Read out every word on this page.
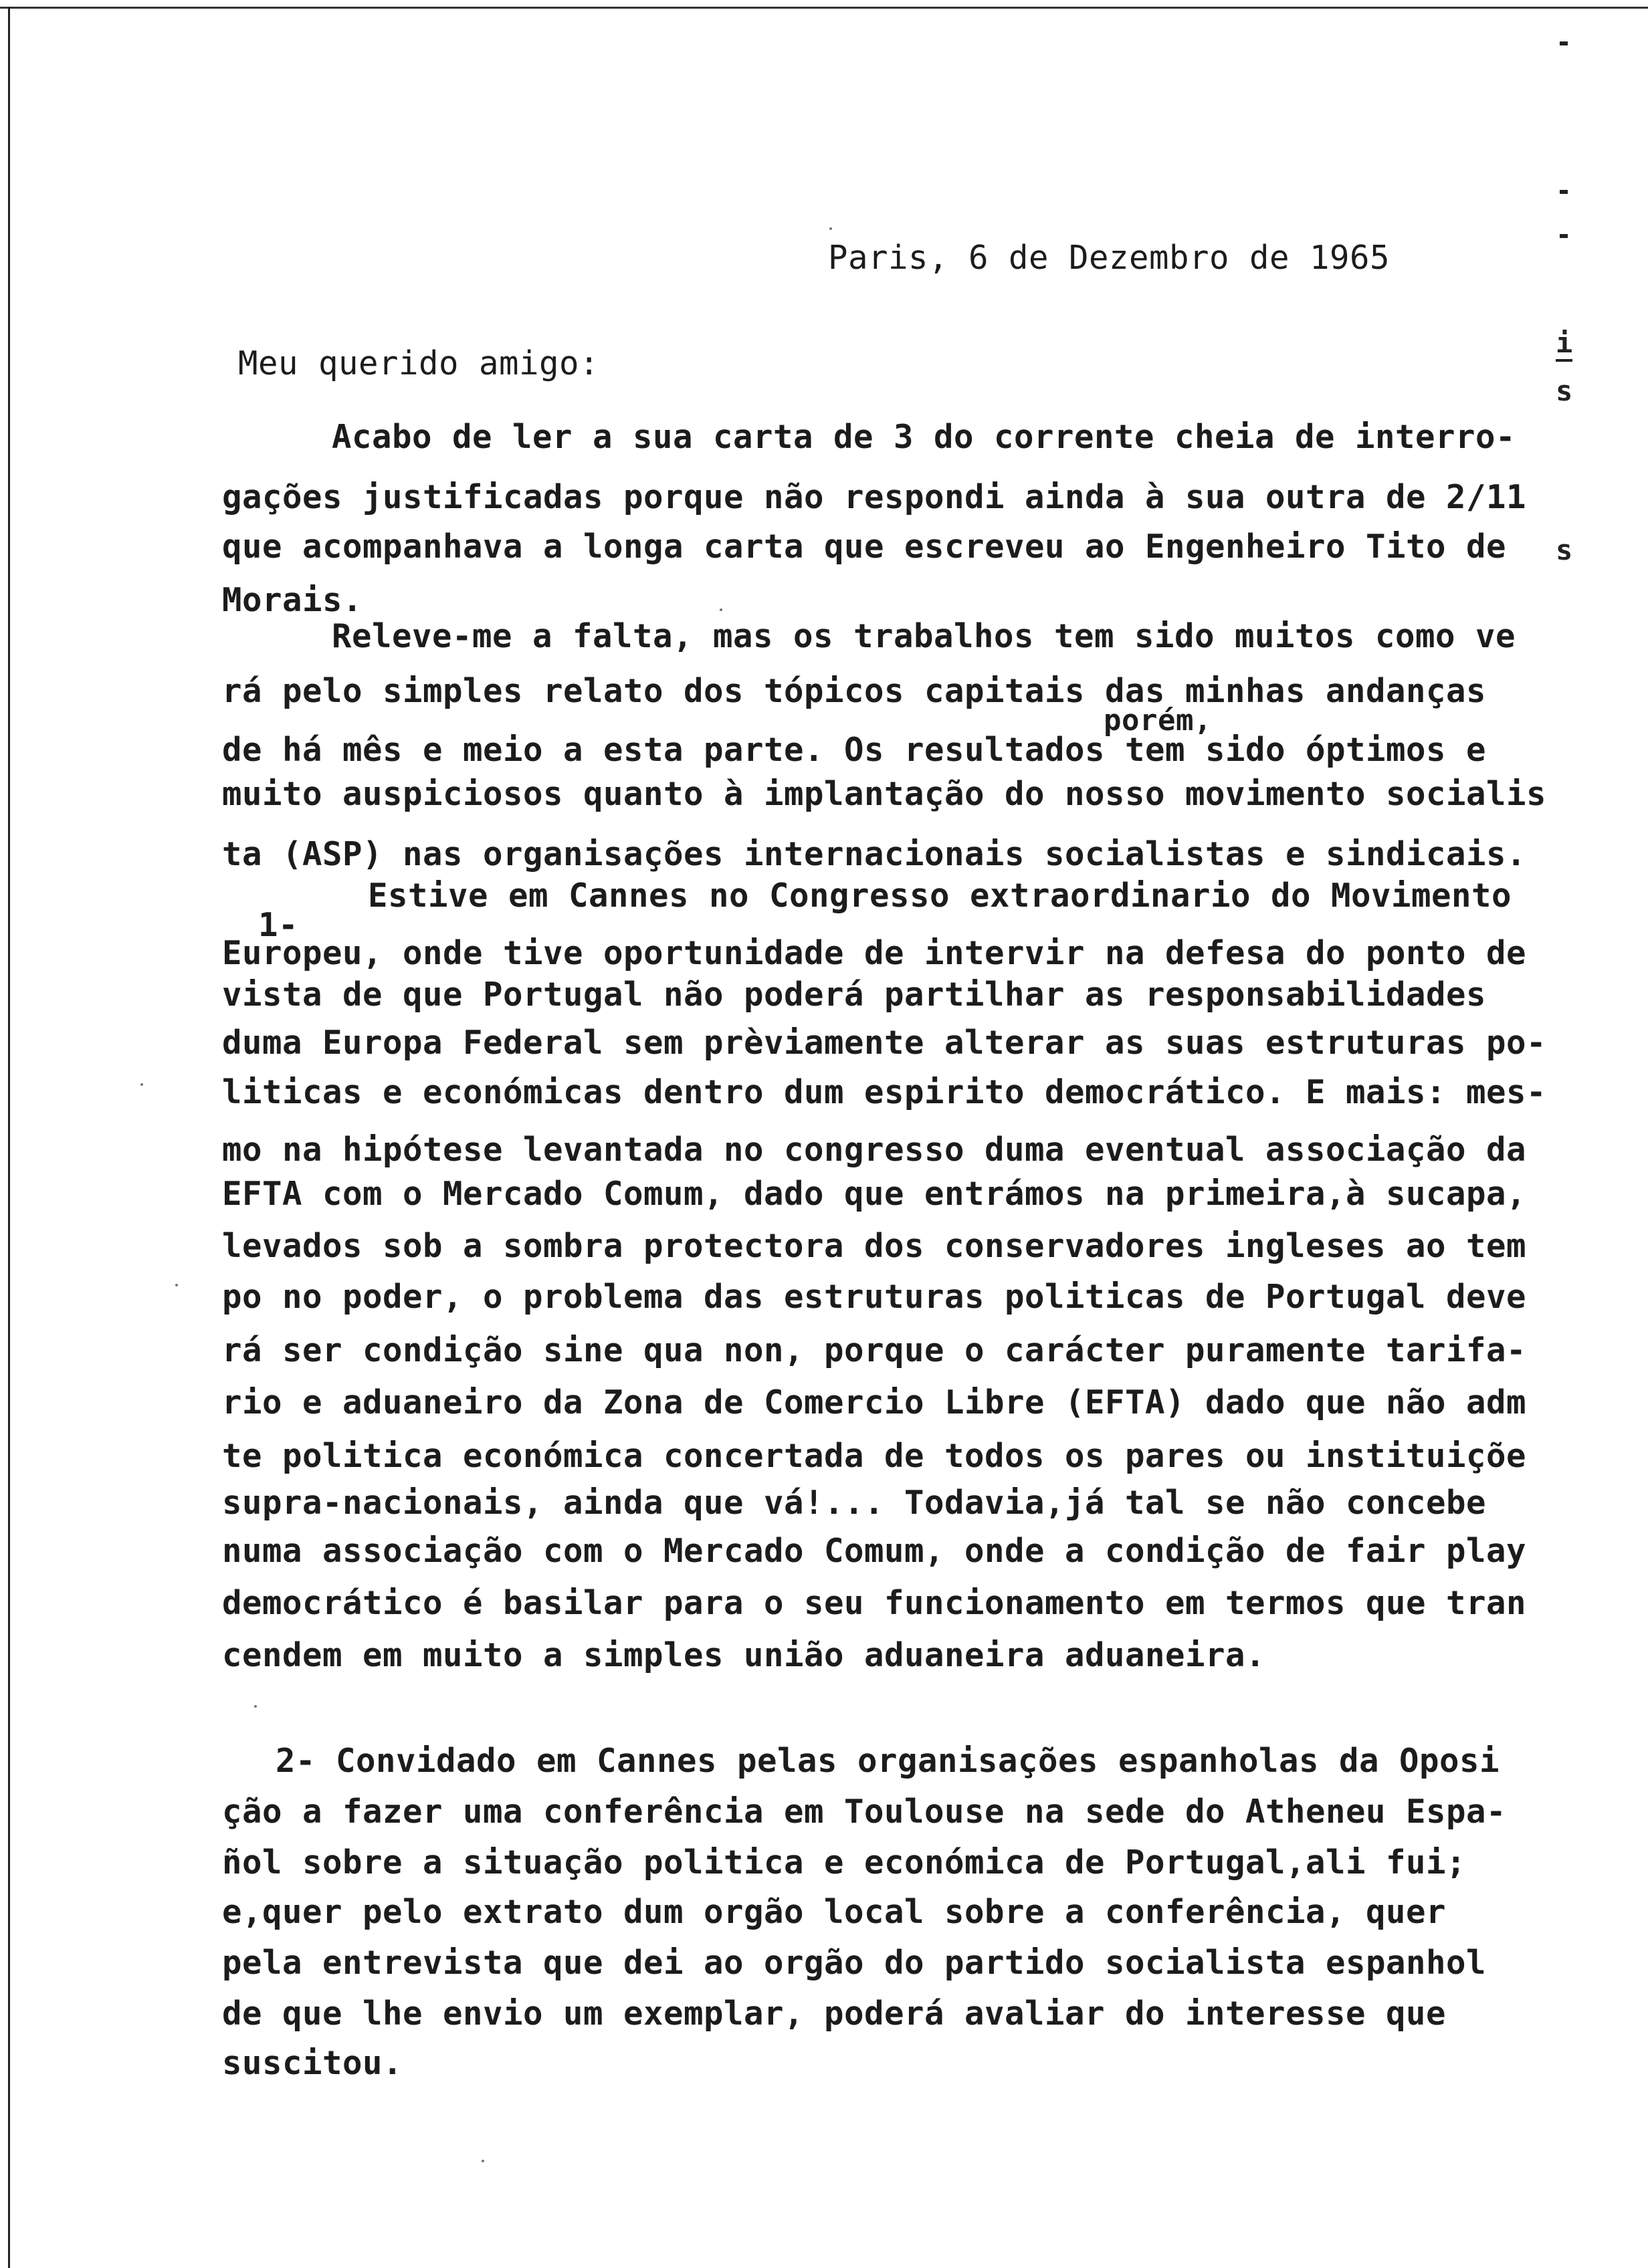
i
s
s
Paris, 6 de Dezembro de 1965
Meu querido amigo:
Acabo de ler a sua carta de 3 do corrente cheia de interro-
gações justificadas porque não respondi ainda à sua outra de 2/11
que acompanhava a longa carta que escreveu ao Engenheiro Tito de
Morais.
Releve-me a falta, mas os trabalhos tem sido muitos como ve
rá pelo simples relato dos tópicos capitais das minhas andanças
porém,
de há mês e meio a esta parte. Os resultados tem sido óptimos e
muito auspiciosos quanto à implantação do nosso movimento socialis
ta (ASP) nas organisações internacionais socialistas e sindicais.
1-
Estive em Cannes no Congresso extraordinario do Movimento
Europeu, onde tive oportunidade de intervir na defesa do ponto de
vista de que Portugal não poderá partilhar as responsabilidades
duma Europa Federal sem prèviamente alterar as suas estruturas po-
liticas e económicas dentro dum espirito democrático. E mais: mes-
mo na hipótese levantada no congresso duma eventual associação da
EFTA com o Mercado Comum, dado que entrámos na primeira,à sucapa,
levados sob a sombra protectora dos conservadores ingleses ao tem
po no poder, o problema das estruturas politicas de Portugal deve
rá ser condição sine qua non, porque o carácter puramente tarifa-
rio e aduaneiro da Zona de Comercio Libre (EFTA) dado que não adm
te politica económica concertada de todos os pares ou instituiçõe
supra-nacionais, ainda que vá!... Todavia,já tal se não concebe
numa associação com o Mercado Comum, onde a condição de fair play
democrático é basilar para o seu funcionamento em termos que tran
cendem em muito a simples união aduaneira aduaneira.
2- Convidado em Cannes pelas organisações espanholas da Oposi
ção a fazer uma conferência em Toulouse na sede do Atheneu Espa-
ñol sobre a situação politica e económica de Portugal,ali fui;
e,quer pelo extrato dum orgão local sobre a conferência, quer
pela entrevista que dei ao orgão do partido socialista espanhol
de que lhe envio um exemplar, poderá avaliar do interesse que
suscitou.
